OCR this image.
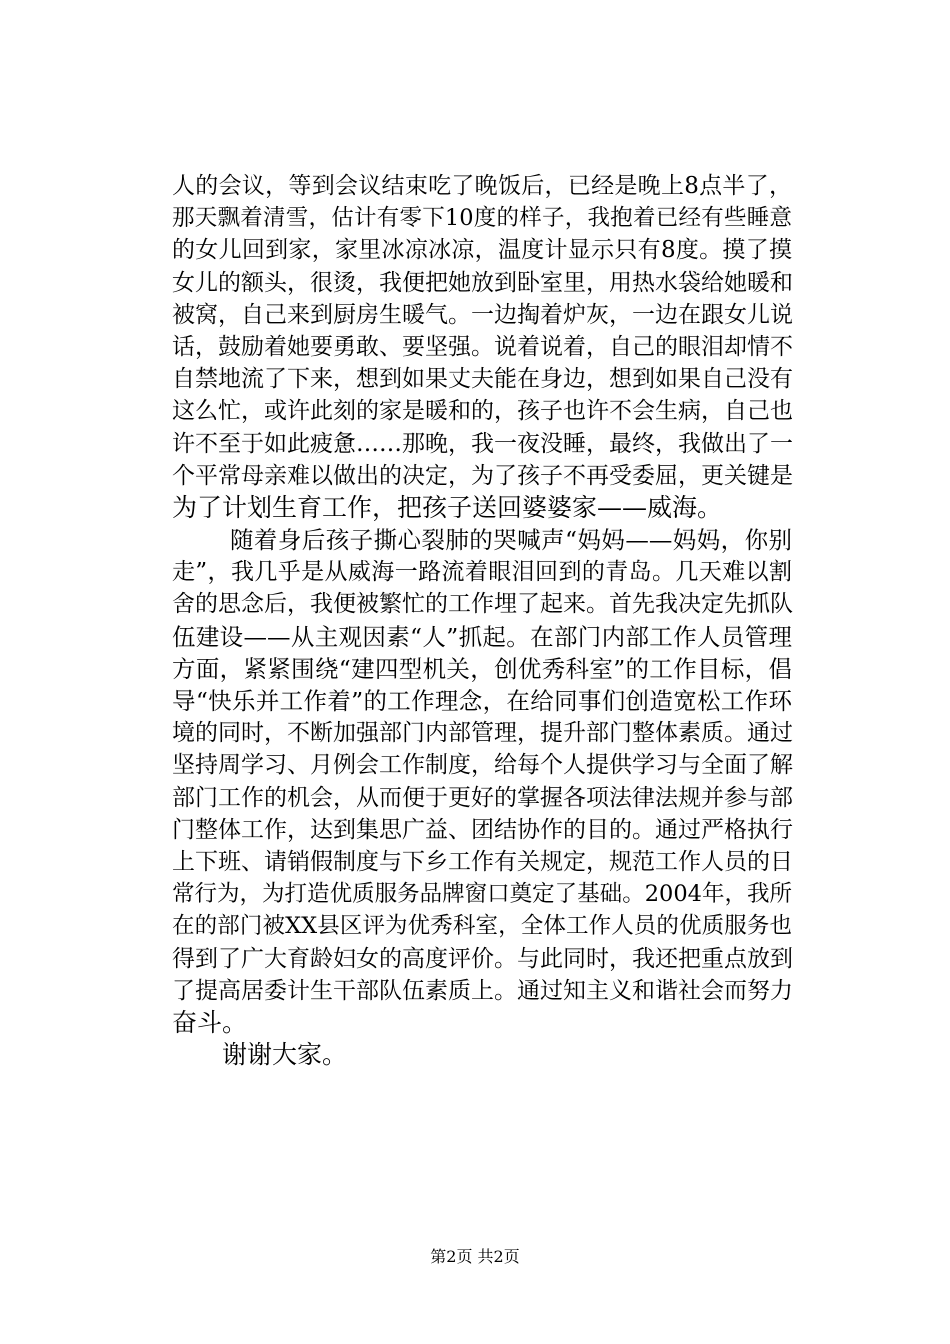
人的会议，等到会议结束吃了晚饭后，已经是晚上8点半了，
那天飘着清雪，估计有零下10度的样子，我抱着已经有些睡意
的女儿回到家，家里冰凉冰凉，温度计显示只有8度。摸了摸
女儿的额头，很烫，我便把她放到卧室里，用热水袋给她暖和
被窝，自己来到厨房生暖气。一边掏着炉灰，一边在跟女儿说
话，鼓励着她要勇敢、要坚强。说着说着，自己的眼泪却情不
自禁地流了下来，想到如果丈夫能在身边，想到如果自己没有
这么忙，或许此刻的家是暖和的，孩子也许不会生病，自己也
许不至于如此疲惫……那晚，我一夜没睡，最终，我做出了一
个平常母亲难以做出的决定，为了孩子不再受委屈，更关键是
为了计划生育工作，把孩子送回婆婆家——威海。
随着身后孩子撕心裂肺的哭喊声“妈妈——妈妈，你别
走”，我几乎是从威海一路流着眼泪回到的青岛。几天难以割
舍的思念后，我便被繁忙的工作埋了起来。首先我决定先抓队
伍建设——从主观因素“人”抓起。在部门内部工作人员管理
方面，紧紧围绕“建四型机关，创优秀科室”的工作目标，倡
导“快乐并工作着”的工作理念，在给同事们创造宽松工作环
境的同时，不断加强部门内部管理，提升部门整体素质。通过
坚持周学习、月例会工作制度，给每个人提供学习与全面了解
部门工作的机会，从而便于更好的掌握各项法律法规并参与部
门整体工作，达到集思广益、团结协作的目的。通过严格执行
上下班、请销假制度与下乡工作有关规定，规范工作人员的日
常行为，为打造优质服务品牌窗口奠定了基础。2004年，我所
在的部门被XX县区评为优秀科室，全体工作人员的优质服务也
得到了广大育龄妇女的高度评价。与此同时，我还把重点放到
了提高居委计生干部队伍素质上。通过知主义和谐社会而努力
奋斗。
谢谢大家。
第2页 共2页
